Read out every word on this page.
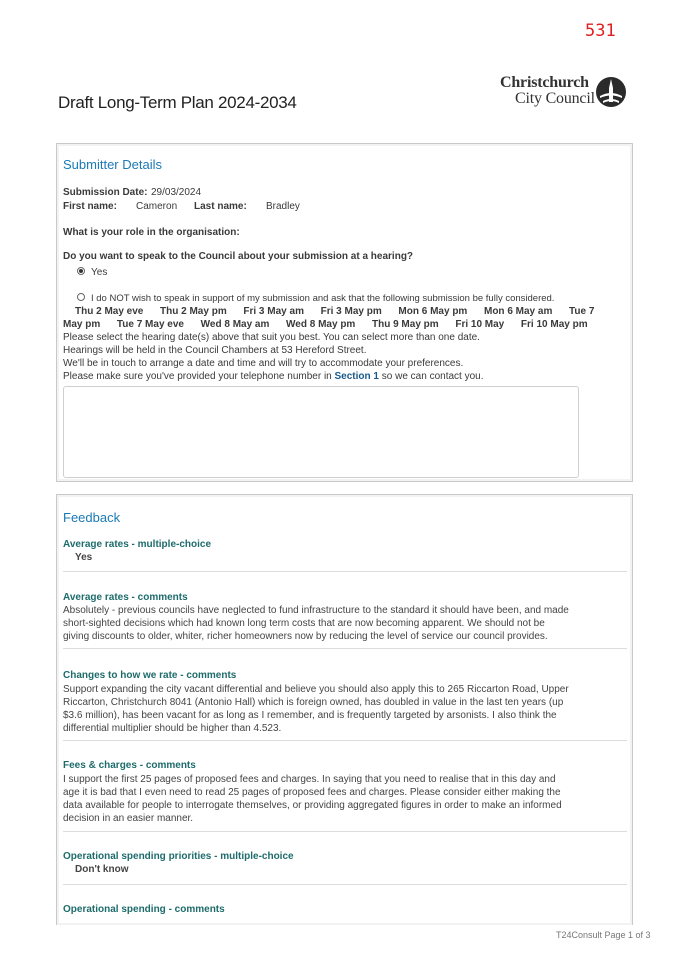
531
Christchurch
City Council
Draft Long-Term Plan 2024-2034
Submitter Details
Submission Date: 29/03/2024
First name: Cameron Last name: Bradley
What is your role in the organisation:
Do you want to speak to the Council about your submission at a hearing?
Yes
I do NOT wish to speak in support of my submission and ask that the following submission be fully considered.
Thu 2 May eve      Thu 2 May pm      Fri 3 May am      Fri 3 May pm      Mon 6 May pm      Mon 6 May am      Tue 7
May pm      Tue 7 May eve      Wed 8 May am      Wed 8 May pm      Thu 9 May pm      Fri 10 May      Fri 10 May pm
Please select the hearing date(s) above that suit you best. You can select more than one date.
Hearings will be held in the Council Chambers at 53 Hereford Street.
We'll be in touch to arrange a date and time and will try to accommodate your preferences.
Please make sure you've provided your telephone number in Section 1 so we can contact you.
Feedback
Average rates - multiple-choice
Yes
Average rates - comments
Absolutely - previous councils have neglected to fund infrastructure to the standard it should have been, and made short-sighted decisions which had known long term costs that are now becoming apparent. We should not be giving discounts to older, whiter, richer homeowners now by reducing the level of service our council provides.
Changes to how we rate - comments
Support expanding the city vacant differential and believe you should also apply this to 265 Riccarton Road, Upper Riccarton, Christchurch 8041 (Antonio Hall) which is foreign owned, has doubled in value in the last ten years (up $3.6 million), has been vacant for as long as I remember, and is frequently targeted by arsonists. I also think the differential multiplier should be higher than 4.523.
Fees & charges - comments
I support the first 25 pages of proposed fees and charges. In saying that you need to realise that in this day and age it is bad that I even need to read 25 pages of proposed fees and charges. Please consider either making the data available for people to interrogate themselves, or providing aggregated figures in order to make an informed decision in an easier manner.
Operational spending priorities - multiple-choice
Don't know
Operational spending - comments
T24Consult Page 1 of 3
